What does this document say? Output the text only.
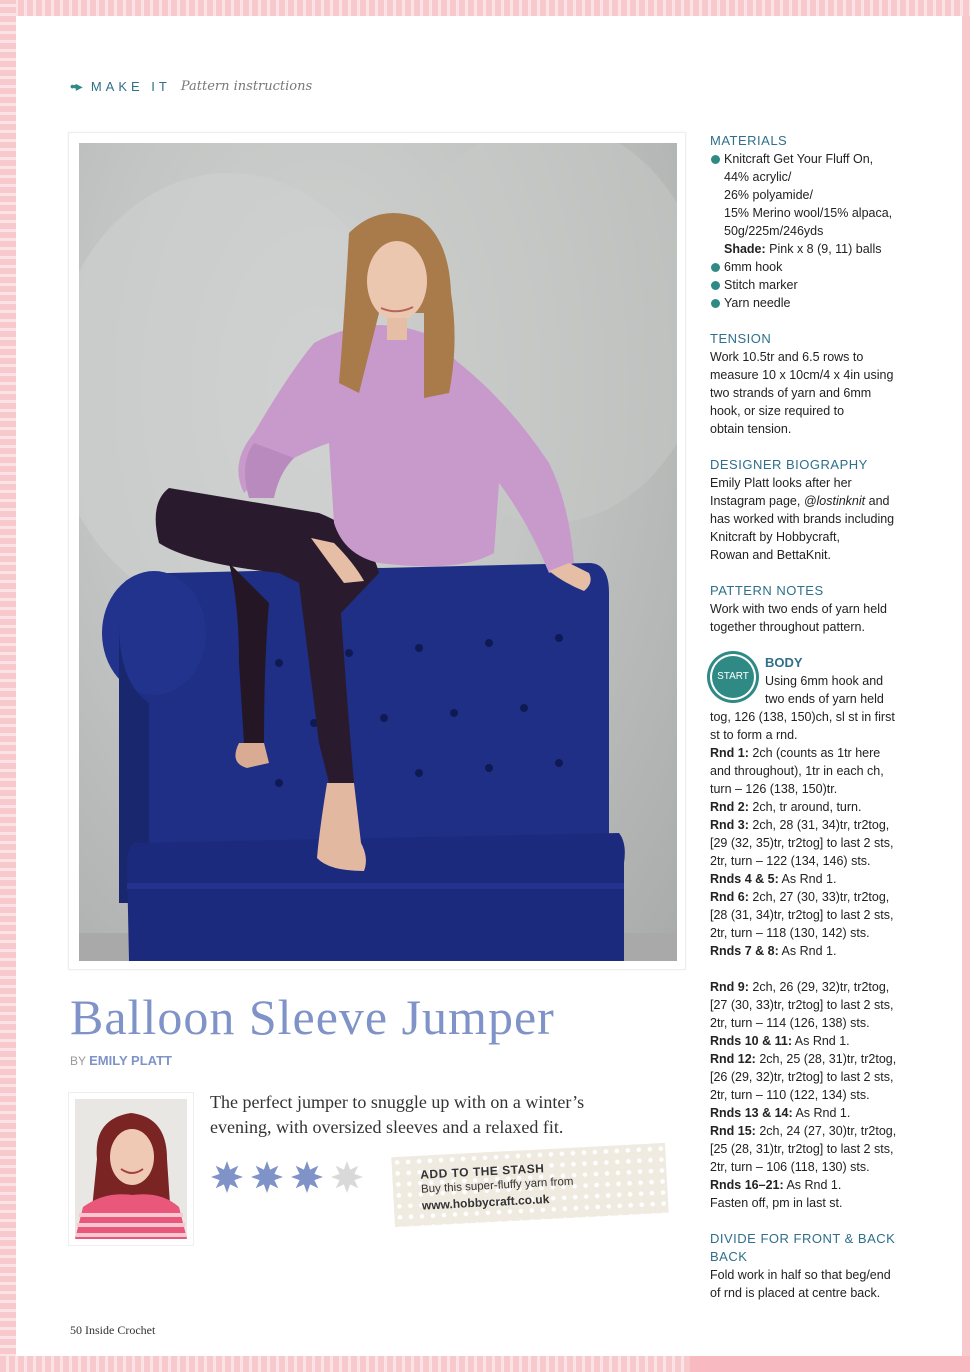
••▸ MAKE IT Pattern instructions
Balloon Sleeve Jumper
BY EMILY PLATT

The perfect jumper to snuggle up with on a winter’s evening, with oversized sleeves and a relaxed fit.

ADD TO THE STASH
Buy this super-fluffy yarn from
www.hobbycraft.co.uk
50 Inside Crochet

MATERIALS

Knitcraft Get Your Fluff On,

44% acrylic/

26% polyamide/

15% Merino wool/15% alpaca,

50g/225m/246yds

Shade: Pink x 8 (9, 11) balls

6mm hook

Stitch marker

Yarn needle

TENSION

Work 10.5tr and 6.5 rows to

measure 10 x 10cm/4 x 4in using

two strands of yarn and 6mm

hook, or size required to

obtain tension.

DESIGNER BIOGRAPHY

Emily Platt looks after her

Instagram page, @lostinknit and

has worked with brands including

Knitcraft by Hobbycraft,

Rowan and BettaKnit.

PATTERN NOTES

Work with two ends of yarn held

together throughout pattern.

START

BODY

Using 6mm hook and

two ends of yarn held

tog, 126 (138, 150)ch, sl st in first

st to form a rnd.

Rnd 1: 2ch (counts as 1tr here

and throughout), 1tr in each ch,

turn – 126 (138, 150)tr.

Rnd 2: 2ch, tr around, turn.

Rnd 3: 2ch, 28 (31, 34)tr, tr2tog,

[29 (32, 35)tr, tr2tog] to last 2 sts,

2tr, turn – 122 (134, 146) sts.

Rnds 4 & 5: As Rnd 1.

Rnd 6: 2ch, 27 (30, 33)tr, tr2tog,

[28 (31, 34)tr, tr2tog] to last 2 sts,

2tr, turn – 118 (130, 142) sts.

Rnds 7 & 8: As Rnd 1.

Rnd 9: 2ch, 26 (29, 32)tr, tr2tog,

[27 (30, 33)tr, tr2tog] to last 2 sts,

2tr, turn – 114 (126, 138) sts.

Rnds 10 & 11: As Rnd 1.

Rnd 12: 2ch, 25 (28, 31)tr, tr2tog,

[26 (29, 32)tr, tr2tog] to last 2 sts,

2tr, turn – 110 (122, 134) sts.

Rnds 13 & 14: As Rnd 1.

Rnd 15: 2ch, 24 (27, 30)tr, tr2tog,

[25 (28, 31)tr, tr2tog] to last 2 sts,

2tr, turn – 106 (118, 130) sts.

Rnds 16–21: As Rnd 1.

Fasten off, pm in last st.

DIVIDE FOR FRONT & BACK

BACK

Fold work in half so that beg/end

of rnd is placed at centre back.
